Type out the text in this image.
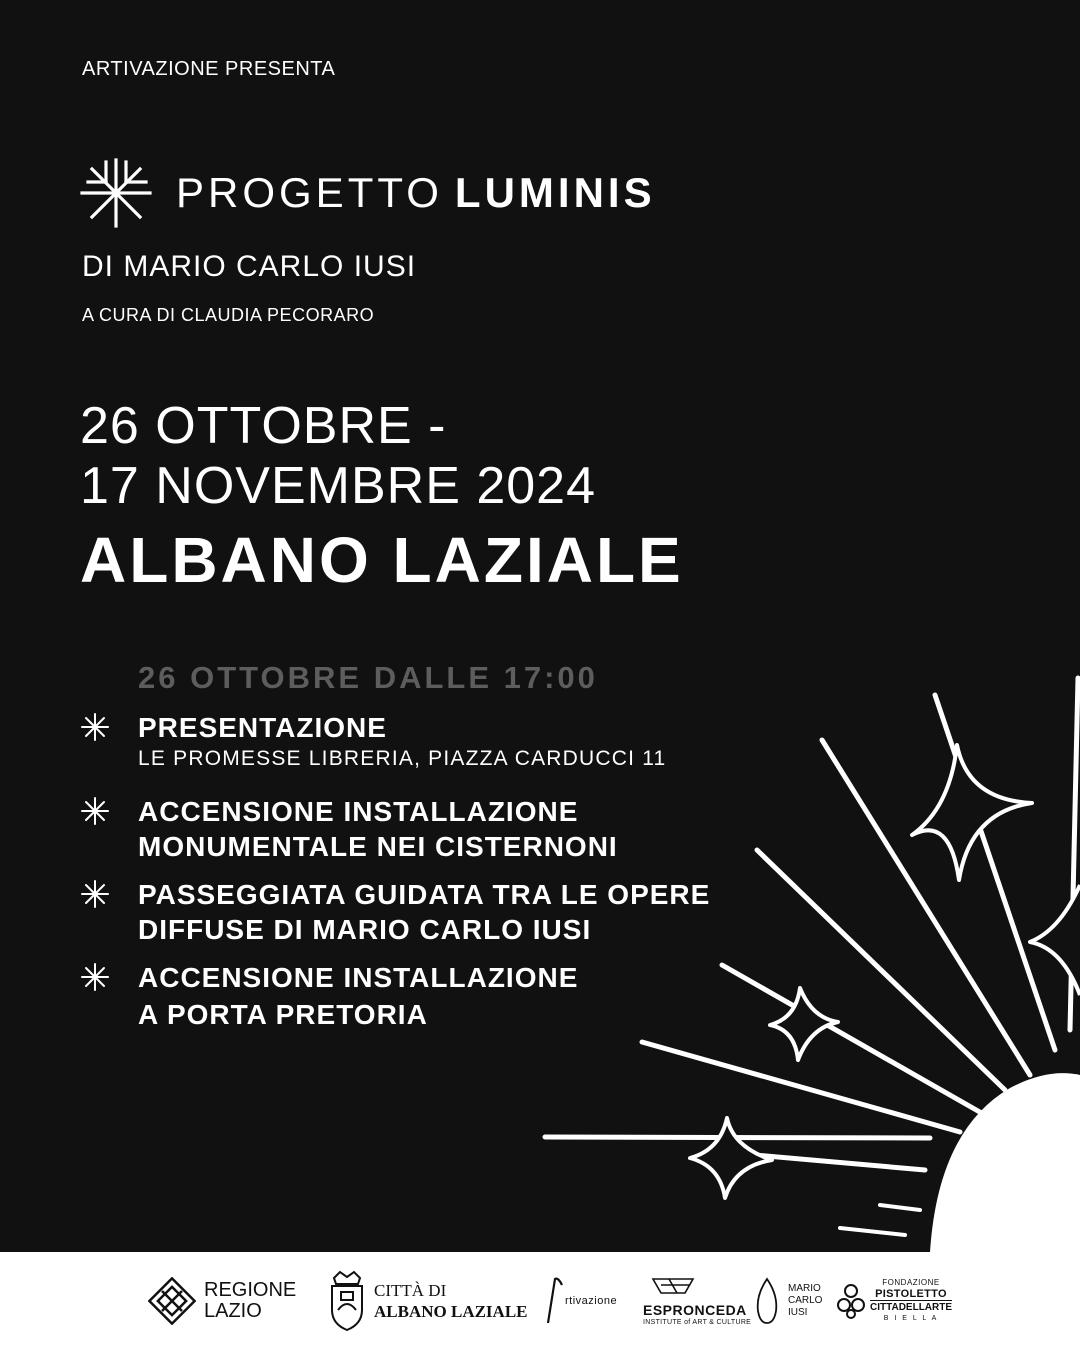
ARTIVAZIONE PRESENTA
PROGETTO LUMINIS
DI MARIO CARLO IUSI
A CURA DI CLAUDIA PECORARO
26 OTTOBRE -
17 NOVEMBRE 2024
ALBANO LAZIALE
26 OTTOBRE DALLE 17:00
PRESENTAZIONE
LE PROMESSE LIBRERIA, PIAZZA CARDUCCI 11
ACCENSIONE INSTALLAZIONE
MONUMENTALE NEI CISTERNONI
PASSEGGIATA GUIDATA TRA LE OPERE
DIFFUSE DI MARIO CARLO IUSI
ACCENSIONE INSTALLAZIONE
A PORTA PRETORIA
REGIONE
LAZIO
CITTÀ DI
ALBANO LAZIALE
rtivazione
ESPRONCEDA
INSTITUTE of ART & CULTURE
MARIO
CARLO
IUSI
FONDAZIONE
PISTOLETTO
CITTADELLARTE
B I E L L A
